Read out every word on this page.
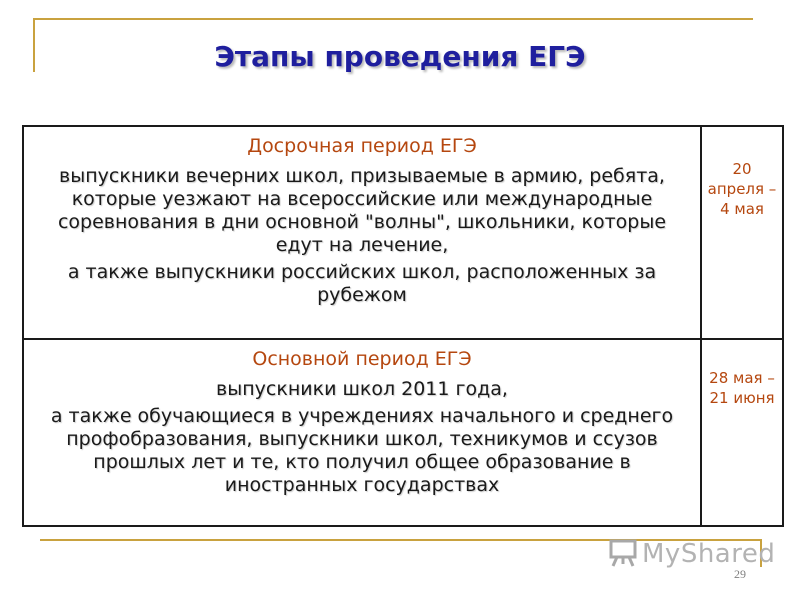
Этапы проведения ЕГЭ
Досрочная период ЕГЭ

выпускники вечерних школ, призываемые в армию, ребята, которые уезжают на всероссийские или международные соревнования в дни основной "волны", школьники, которые едут на лечение,

а также выпускники российских школ, расположенных за рубежом	20 апреля – 4 мая

Основной период ЕГЭ

выпускники школ 2011 года,

а также обучающиеся в учреждениях начального и среднего профобразования, выпускники школ, техникумов и ссузов прошлых лет и те, кто получил общее образование в иностранных государствах	28 мая – 21 июня
MyShared
29
